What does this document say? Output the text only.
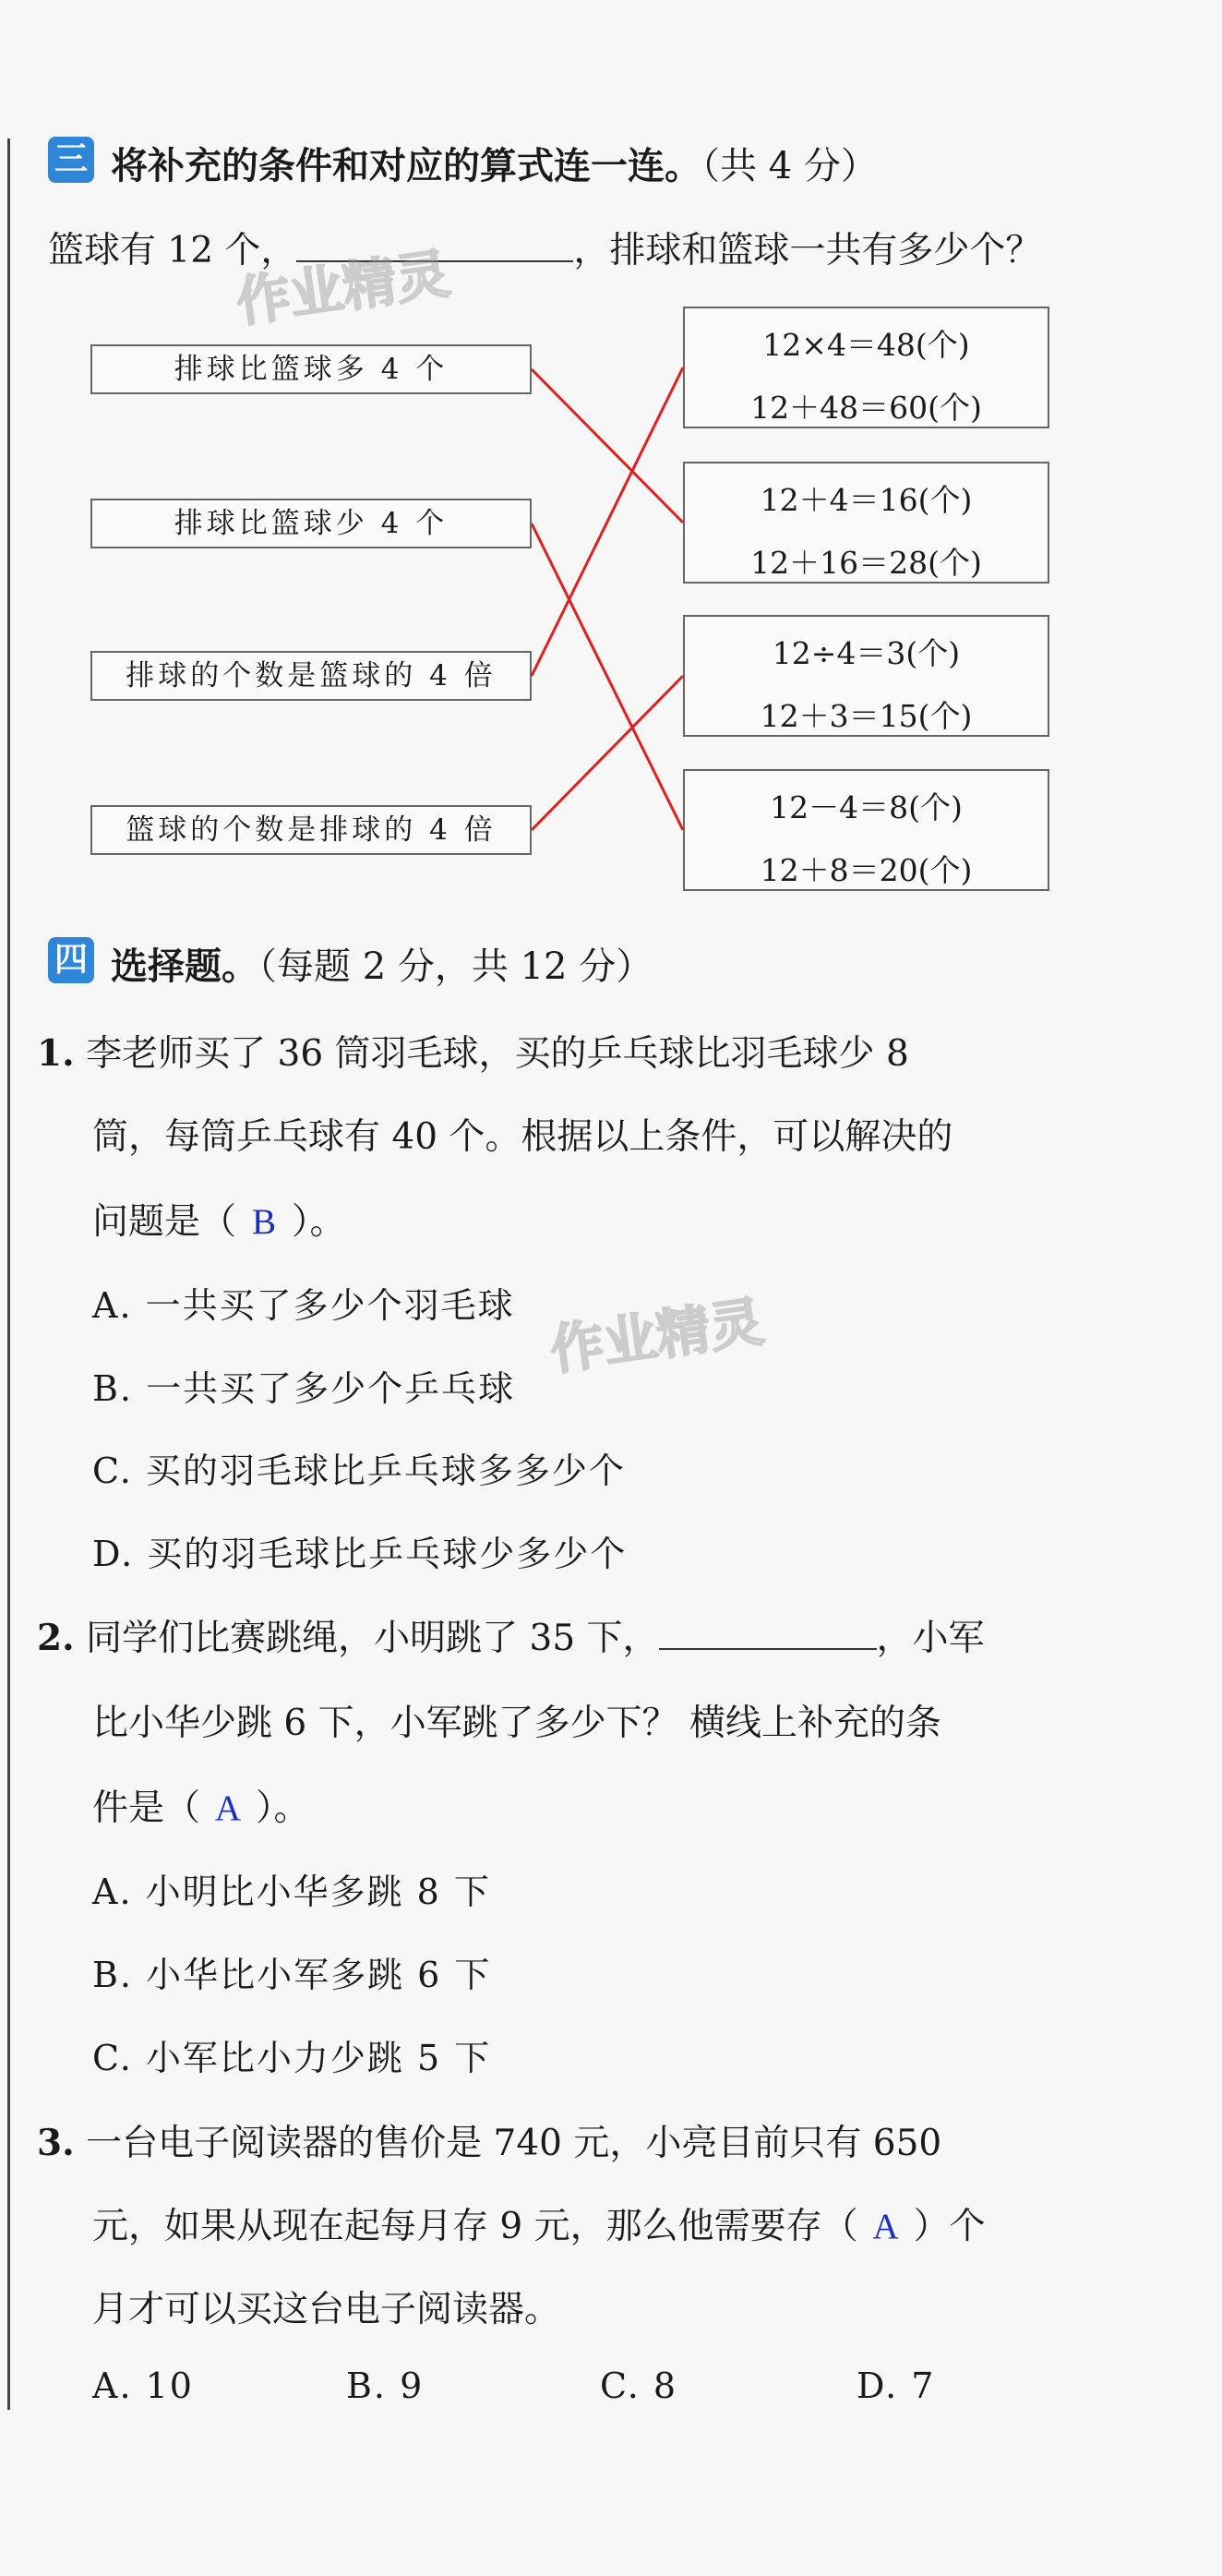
三 将补充的条件和对应的算式连一连。（共 4 分）
篮球有 12 个，	，排球和篮球一共有多少个？
排球比篮球多 4 个
排球比篮球少 4 个
排球的个数是篮球的 4 倍
篮球的个数是排球的 4 倍
12×4＝48(个)
12＋48＝60(个)
12＋4＝16(个)
12＋16＝28(个)
12÷4＝3(个)
12＋3＝15(个)
12－4＝8(个)
12＋8＝20(个)
作业精灵
四 选择题。（每题 2 分，共 12 分）
1. 李老师买了 36 筒羽毛球，买的乒乓球比羽毛球少 8
筒，每筒乒乓球有 40 个。根据以上条件，可以解决的
问题是（ B ）。
A. 一共买了多少个羽毛球
B. 一共买了多少个乒乓球
C. 买的羽毛球比乒乓球多多少个
D. 买的羽毛球比乒乓球少多少个
作业精灵
2. 同学们比赛跳绳，小明跳了 35 下，	，小军
比小华少跳 6 下，小军跳了多少下？ 横线上补充的条
件是（ A ）。
A. 小明比小华多跳 8 下
B. 小华比小军多跳 6 下
C. 小军比小力少跳 5 下
3. 一台电子阅读器的售价是 740 元，小亮目前只有 650
元，如果从现在起每月存 9 元，那么他需要存（ A ）个
月才可以买这台电子阅读器。
A. 10	B. 9	C. 8	D. 7
